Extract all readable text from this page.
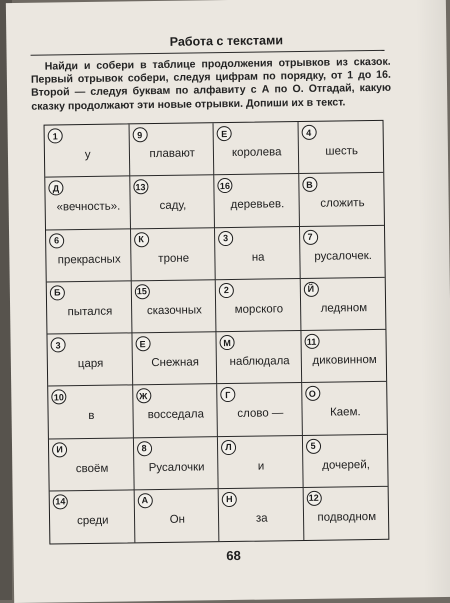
Работа с текстами
Найди и собери в таблице продолжения отрывков из сказок. Первый отрывок собери, следуя цифрам по порядку, от 1 до 16. Второй — следуя буквам по алфавиту с А по О. Отгадай, какую сказку продолжают эти новые отрывки. Допиши их в текст.
1
у
9
плавают
Е
королева
4
шесть
Д
«вечность».
13
саду,
16
деревьев.
В
сложить
6
прекрасных
К
троне
3
на
7
русалочек.
Б
пытался
15
сказочных
2
морского
Й
ледяном
3
царя
Е
Снежная
М
наблюдала
11
диковинном
10
в
Ж
восседала
Г
слово —
О
Каем.
И
своём
8
Русалочки
Л
и
5
дочерей,
14
среди
А
Он
Н
за
12
подводном
68
